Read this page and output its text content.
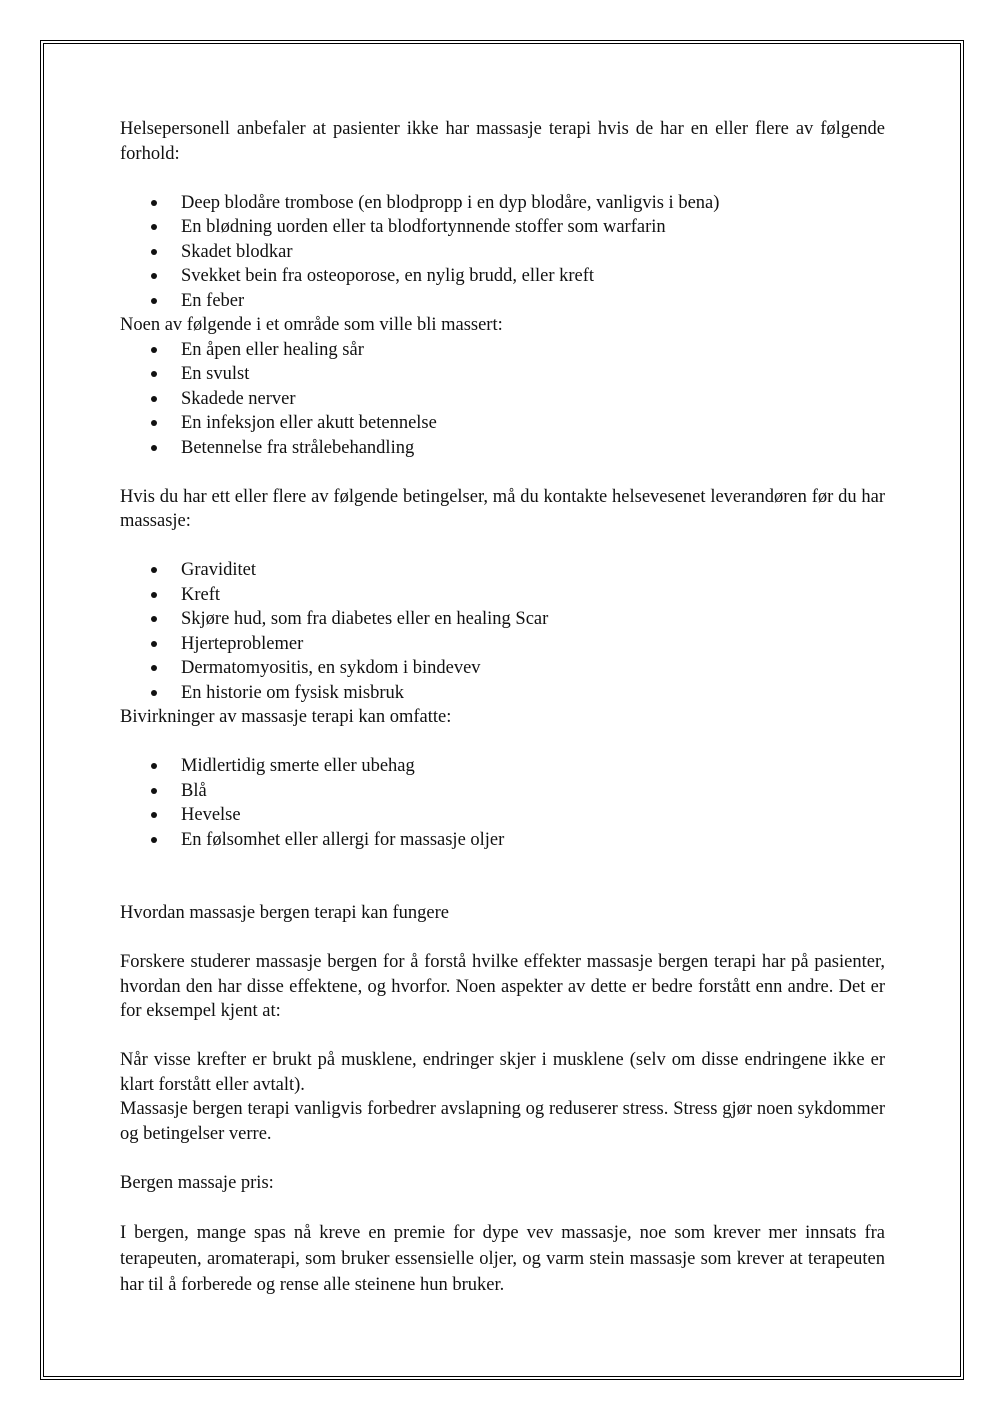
Helsepersonell anbefaler at pasienter ikke har massasje terapi hvis de har en eller flere av følgende forhold:

Deep blodåre trombose (en blodpropp i en dyp blodåre, vanligvis i bena)
En blødning uorden eller ta blodfortynnende stoffer som warfarin
Skadet blodkar
Svekket bein fra osteoporose, en nylig brudd, eller kreft
En feber

Noen av følgende i et område som ville bli massert:

En åpen eller healing sår
En svulst
Skadede nerver
En infeksjon eller akutt betennelse
Betennelse fra strålebehandling

Hvis du har ett eller flere av følgende betingelser, må du kontakte helsevesenet leverandøren før du har massasje:

Graviditet
Kreft
Skjøre hud, som fra diabetes eller en healing Scar
Hjerteproblemer
Dermatomyositis, en sykdom i bindevev
En historie om fysisk misbruk

Bivirkninger av massasje terapi kan omfatte:

Midlertidig smerte eller ubehag
Blå
Hevelse
En følsomhet eller allergi for massasje oljer

Hvordan massasje bergen terapi kan fungere

Forskere studerer massasje bergen for å forstå hvilke effekter massasje bergen terapi har på pasienter, hvordan den har disse effektene, og hvorfor. Noen aspekter av dette er bedre forstått enn andre. Det er for eksempel kjent at:

Når visse krefter er brukt på musklene, endringer skjer i musklene (selv om disse endringene ikke er klart forstått eller avtalt).

Massasje bergen terapi vanligvis forbedrer avslapning og reduserer stress. Stress gjør noen sykdommer og betingelser verre.

Bergen massaje pris:

I bergen, mange spas nå kreve en premie for dype vev massasje, noe som krever mer innsats fra terapeuten, aromaterapi, som bruker essensielle oljer, og varm stein massasje som krever at terapeuten har til å forberede og rense alle steinene hun bruker.
